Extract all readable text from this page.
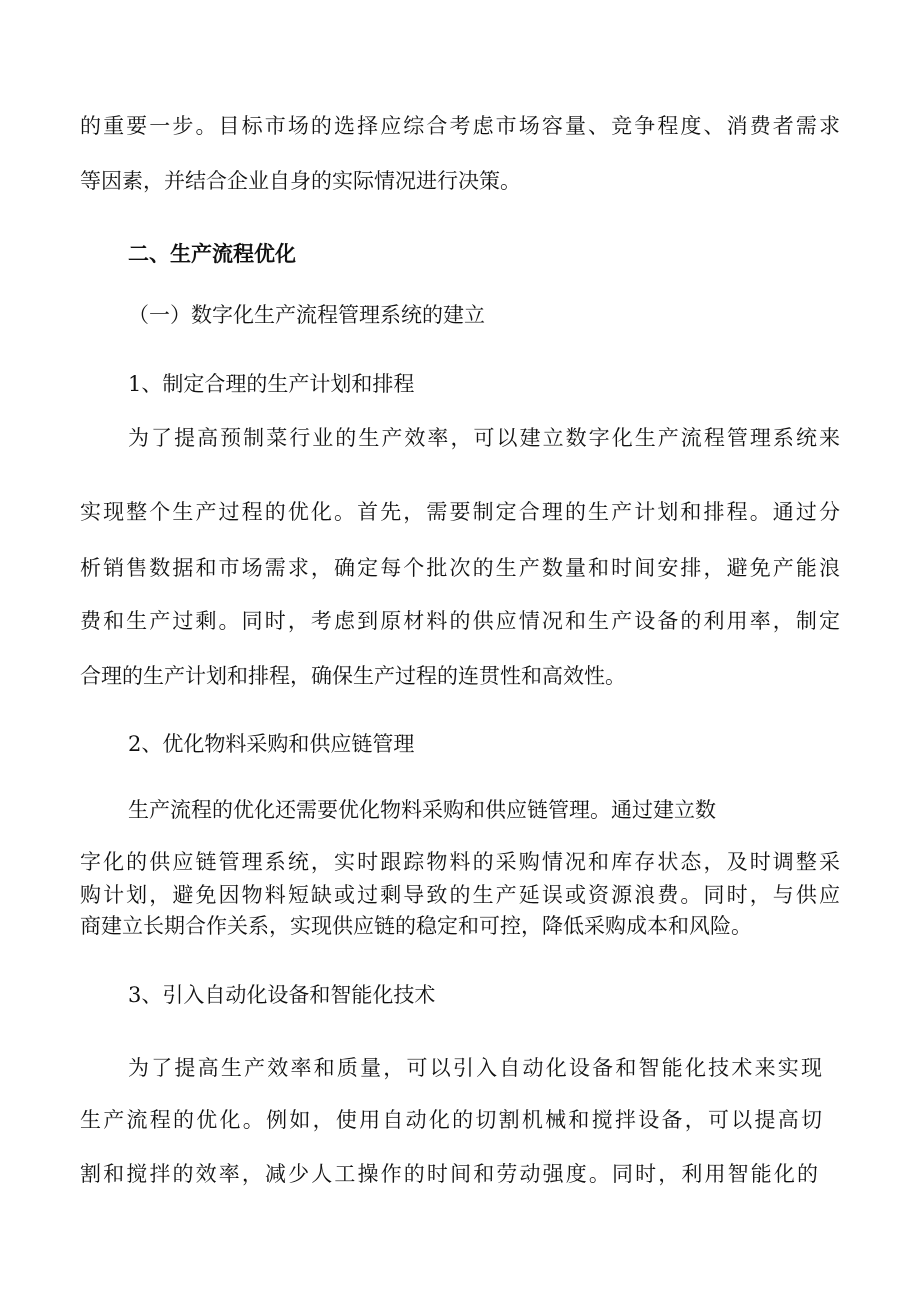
的重要一步。目标市场的选择应综合考虑市场容量、竞争程度、消费者需求
等因素，并结合企业自身的实际情况进行决策。
二、生产流程优化
（一）数字化生产流程管理系统的建立
1、制定合理的生产计划和排程
为了提高预制菜行业的生产效率，可以建立数字化生产流程管理系统来
实现整个生产过程的优化。首先，需要制定合理的生产计划和排程。通过分
析销售数据和市场需求，确定每个批次的生产数量和时间安排，避免产能浪
费和生产过剩。同时，考虑到原材料的供应情况和生产设备的利用率，制定
合理的生产计划和排程，确保生产过程的连贯性和高效性。
2、优化物料采购和供应链管理
生产流程的优化还需要优化物料采购和供应链管理。通过建立数
字化的供应链管理系统，实时跟踪物料的采购情况和库存状态，及时调整采
购计划，避免因物料短缺或过剩导致的生产延误或资源浪费。同时，与供应
商建立长期合作关系，实现供应链的稳定和可控，降低采购成本和风险。
3、引入自动化设备和智能化技术
为了提高生产效率和质量，可以引入自动化设备和智能化技术来实现
生产流程的优化。例如，使用自动化的切割机械和搅拌设备，可以提高切
割和搅拌的效率，减少人工操作的时间和劳动强度。同时，利用智能化的
